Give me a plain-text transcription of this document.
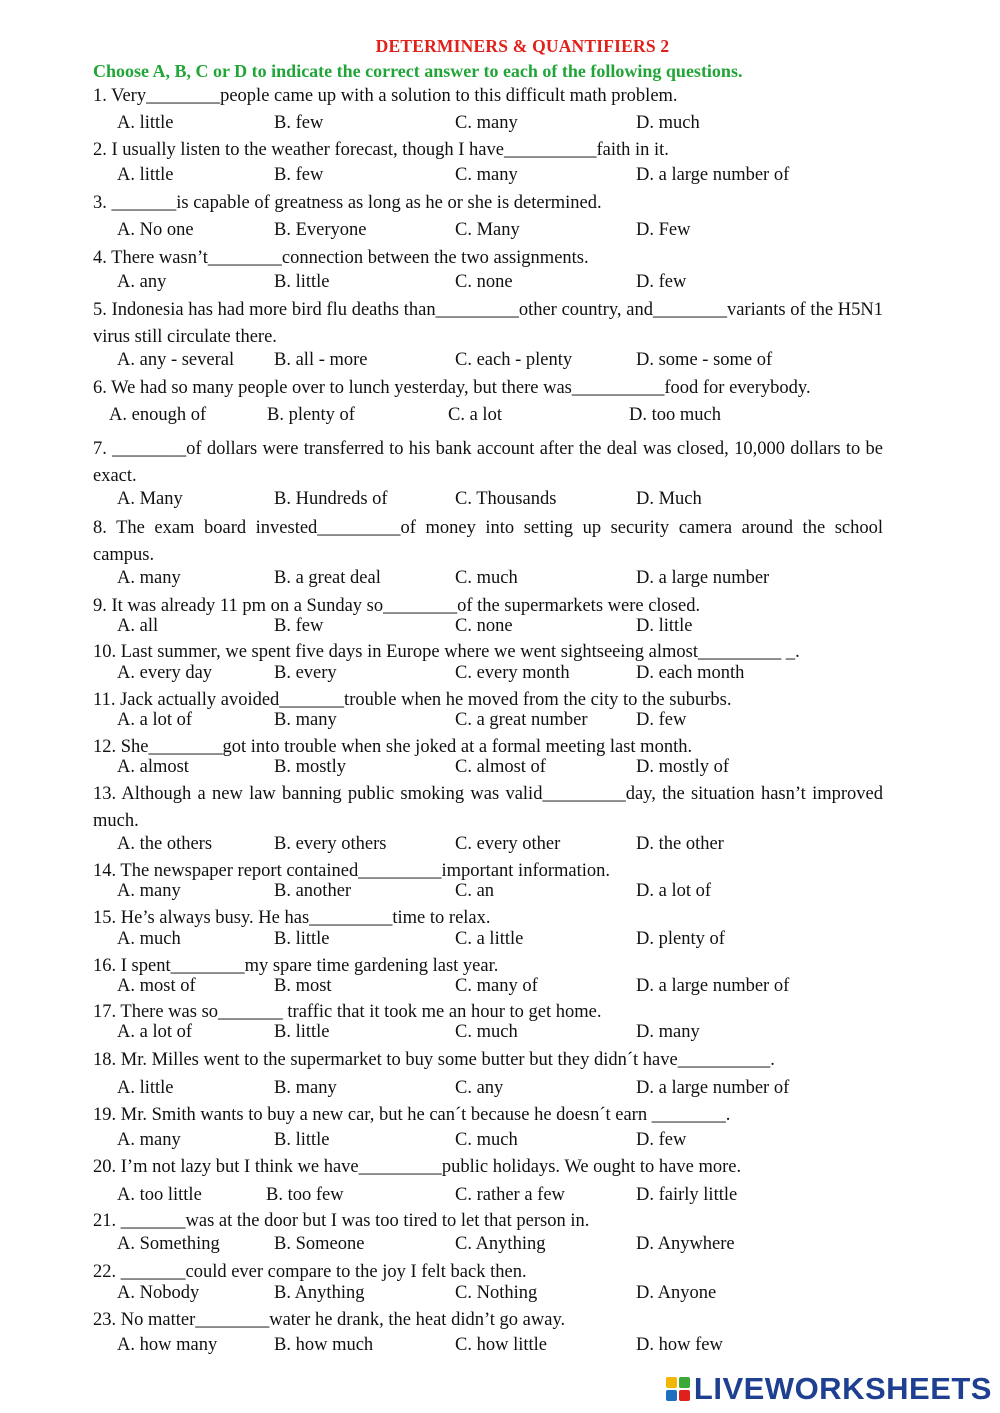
DETERMINERS & QUANTIFIERS 2
Choose A, B, C or D to indicate the correct answer to each of the following questions.
1. Very________people came up with a solution to this difficult math problem.
A. little	B. few	C. many	D. much
2. I usually listen to the weather forecast, though I have__________faith in it.
A. little	B. few	C. many	D. a large number of
3. _______is capable of greatness as long as he or she is determined.
A. No one	B. Everyone	C. Many	D. Few
4. There wasn’t________connection between the two assignments.
A. any	B. little	C. none	D. few
5. Indonesia has had more bird flu deaths than_________other country, and________variants of the H5N1 virus still circulate there.
A. any - several B. all - more	C. each - plenty	D. some - some of
6. We had so many people over to lunch yesterday, but there was__________food for everybody.
A. enough of	B. plenty of	C. a lot	D. too much
7. ________of dollars were transferred to his bank account after the deal was closed, 10,000 dollars to be exact.
A. Many	B. Hundreds of	C. Thousands	D. Much
8. The exam board invested_________of money into setting up security camera around the school campus.
A. many	B. a great deal	C. much	D. a large number
9. It was already 11 pm on a Sunday so________of the supermarkets were closed.
A. all	B. few	C. none	D. little
10. Last summer, we spent five days in Europe where we went sightseeing almost_________ _.
A. every day	B. every	C. every month	D. each month
11. Jack actually avoided_______trouble when he moved from the city to the suburbs.
A. a lot of	B. many	C. a great number	D. few
12. She________got into trouble when she joked at a formal meeting last month.
A. almost	B. mostly	C. almost of	D. mostly of
13. Although a new law banning public smoking was valid_________day, the situation hasn’t improved much.
A. the others	B. every others	C. every other	D. the other
14. The newspaper report contained_________important information.
A. many	B. another	C. an	D. a lot of
15. He’s always busy. He has_________time to relax.
A. much	B. little	C. a little	D. plenty of
16. I spent________my spare time gardening last year.
A. most of	B. most	C. many of	D. a large number of
17. There was so_______ traffic that it took me an hour to get home.
A. a lot of	B. little	C. much	D. many
18. Mr. Milles went to the supermarket to buy some butter but they didn´t have__________.
A. little	B. many	C. any	D. a large number of
19. Mr. Smith wants to buy a new car, but he can´t because he doesn´t earn ________.
A. many	B. little	C. much	D. few
20. I’m not lazy but I think we have_________public holidays. We ought to have more.
A. too little	B. too few	C. rather a few	D. fairly little
21. _______was at the door but I was too tired to let that person in.
A. Something	B. Someone	C. Anything	D. Anywhere
22. _______could ever compare to the joy I felt back then.
A. Nobody	B. Anything	C. Nothing	D. Anyone
23. No matter________water he drank, the heat didn’t go away.
A. how many	B. how much	C. how little	D. how few
LIVEWORKSHEETS
